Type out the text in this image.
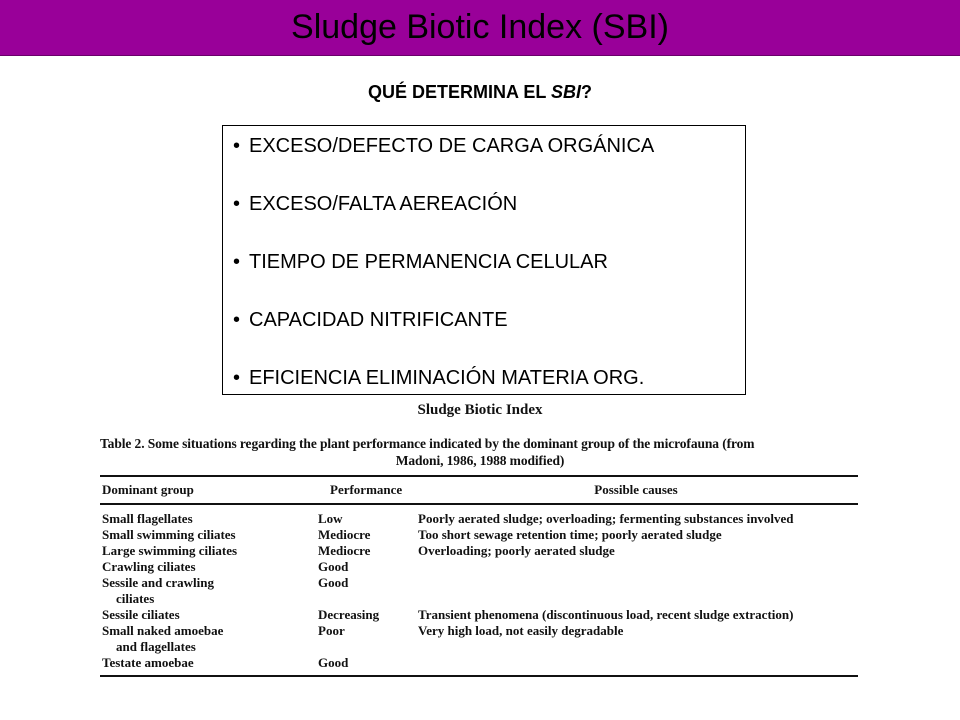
Sludge Biotic Index (SBI)
QUÉ DETERMINA EL SBI?
• EXCESO/DEFECTO DE CARGA ORGÁNICA
• EXCESO/FALTA AEREACIÓN
• TIEMPO DE PERMANENCIA CELULAR
• CAPACIDAD NITRIFICANTE
• EFICIENCIA ELIMINACIÓN MATERIA ORG.
Sludge Biotic Index
Table 2. Some situations regarding the plant performance indicated by the dominant group of the microfauna (from
Madoni, 1986, 1988 modified)
Dominant group	Performance	Possible causes
Small flagellates	Low	Poorly aerated sludge; overloading; fermenting substances involved
Small swimming ciliates	Mediocre	Too short sewage retention time; poorly aerated sludge
Large swimming ciliates	Mediocre	Overloading; poorly aerated sludge
Crawling ciliates	Good	
Sessile and crawling
ciliates	Good	
Sessile ciliates	Decreasing	Transient phenomena (discontinuous load, recent sludge extraction)
Small naked amoebae
and flagellates	Poor	Very high load, not easily degradable
Testate amoebae	Good	
